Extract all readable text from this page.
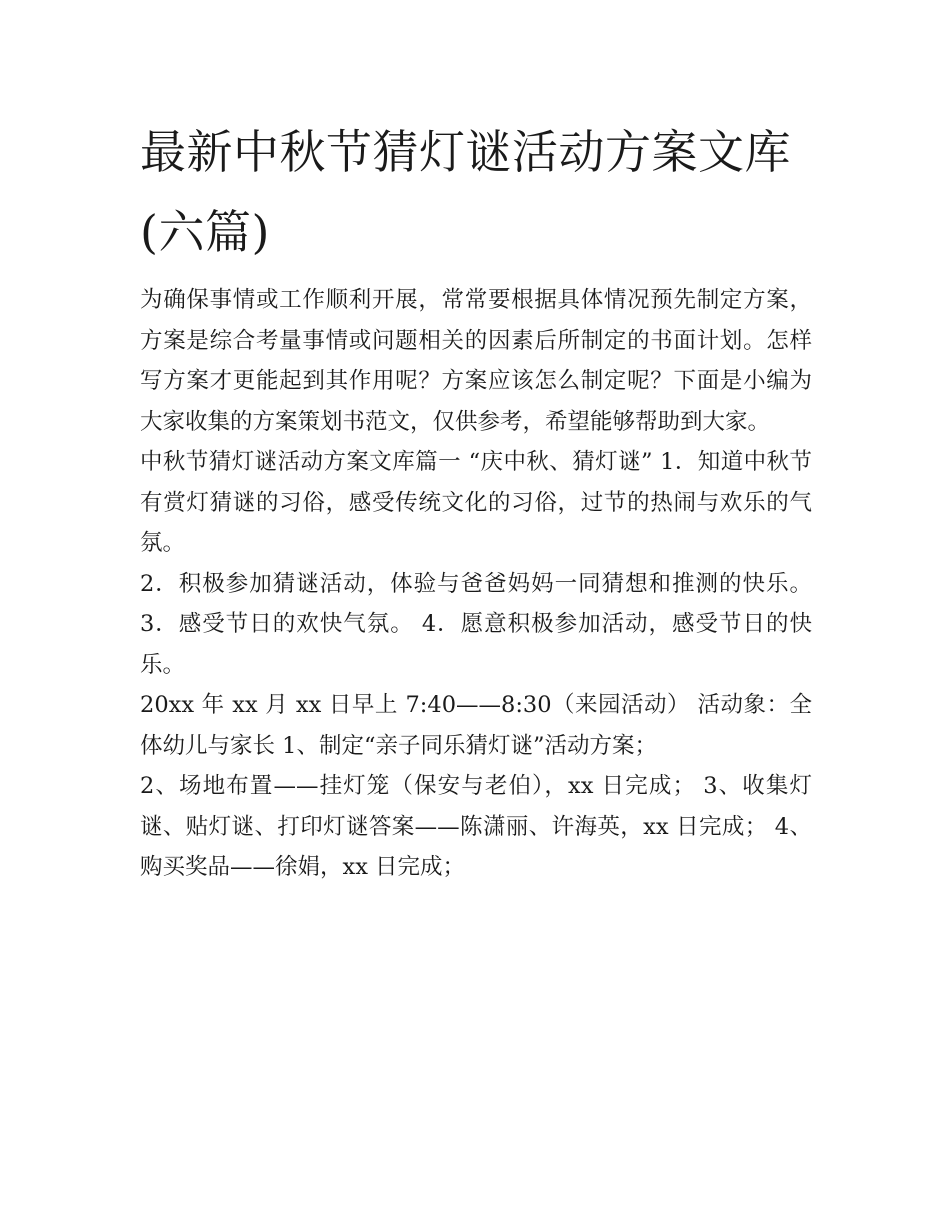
最新中秋节猜灯谜活动方案文库(六篇)

为确保事情或工作顺利开展，常常要根据具体情况预先制定方案，方案是综合考量事情或问题相关的因素后所制定的书面计划。怎样写方案才更能起到其作用呢？方案应该怎么制定呢？下面是小编为大家收集的方案策划书范文，仅供参考，希望能够帮助到大家。

中秋节猜灯谜活动方案文库篇一 “庆中秋、猜灯谜” 1．知道中秋节有赏灯猜谜的习俗，感受传统文化的习俗，过节的热闹与欢乐的气氛。

2．积极参加猜谜活动，体验与爸爸妈妈一同猜想和推测的快乐。 3．感受节日的欢快气氛。 4．愿意积极参加活动，感受节日的快乐。

20xx 年 xx 月 xx 日早上 7:40——8:30（来园活动） 活动象：全体幼儿与家长 1、制定“亲子同乐猜灯谜”活动方案；

2、场地布置——挂灯笼（保安与老伯），xx 日完成； 3、收集灯谜、贴灯谜、打印灯谜答案——陈潇丽、许海英，xx 日完成； 4、购买奖品——徐娟，xx 日完成；
